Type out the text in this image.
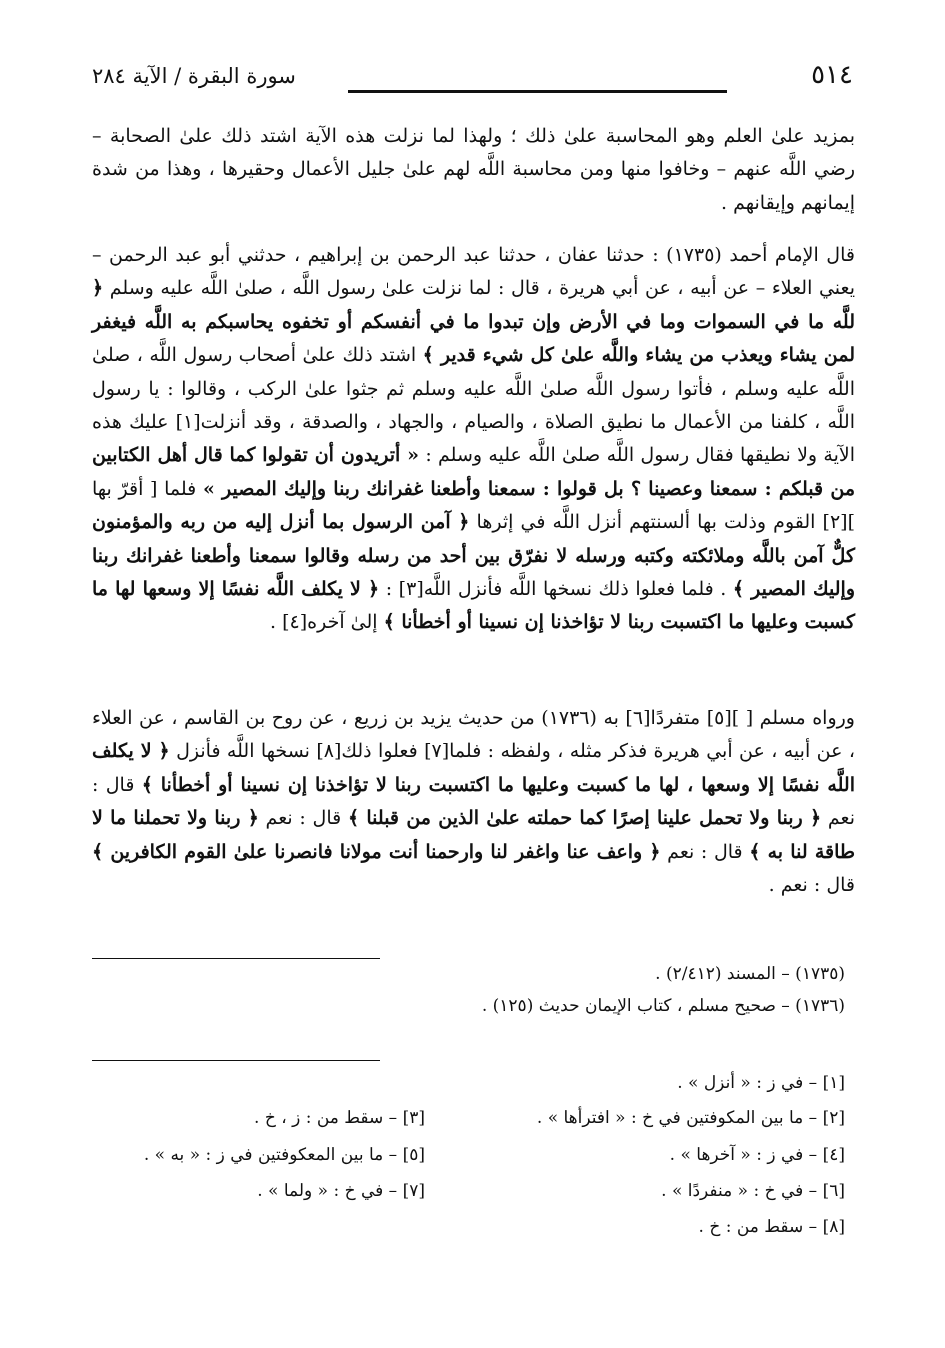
٥١٤
سورة البقرة / الآية ٢٨٤

بمزيد علىٰ العلم وهو المحاسبة علىٰ ذلك ؛ ولهذا لما نزلت هذه الآية اشتد ذلك علىٰ الصحابة – رضي اللَّه عنهم – وخافوا منها ومن محاسبة اللَّه لهم علىٰ جليل الأعمال وحقيرها ، وهذا من شدة إيمانهم وإيقانهم .

قال الإمام أحمد (١٧٣٥) : حدثنا عفان ، حدثنا عبد الرحمن بن إبراهيم ، حدثني أبو عبد الرحمن – يعني العلاء – عن أبيه ، عن أبي هريرة ، قال : لما نزلت علىٰ رسول اللَّه ، صلىٰ اللَّه عليه وسلم ﴿ للَّه ما في السموات وما في الأرض وإن تبدوا ما في أنفسكم أو تخفوه يحاسبكم به اللَّه فيغفر لمن يشاء ويعذب من يشاء واللَّه علىٰ كل شيء قدير ﴾ اشتد ذلك علىٰ أصحاب رسول اللَّه ، صلىٰ اللَّه عليه وسلم ، فأتوا رسول اللَّه صلىٰ اللَّه عليه وسلم ثم جثوا علىٰ الركب ، وقالوا : يا رسول اللَّه ، كلفنا من الأعمال ما نطيق الصلاة ، والصيام ، والجهاد ، والصدقة ، وقد أنزلت[١] عليك هذه الآية ولا نطيقها فقال رسول اللَّه صلىٰ اللَّه عليه وسلم : « أتريدون أن تقولوا كما قال أهل الكتابين من قبلكم : سمعنا وعصينا ؟ بل قولوا : سمعنا وأطعنا غفرانك ربنا وإليك المصير » فلما [ أقرّ بها ][٢] القوم وذلت بها ألسنتهم أنزل اللَّه في إثرها ﴿ آمن الرسول بما أنزل إليه من ربه والمؤمنون كلٌّ آمن باللَّه وملائكته وكتبه ورسله لا نفرّق بين أحد من رسله وقالوا سمعنا وأطعنا غفرانك ربنا وإليك المصير ﴾ . فلما فعلوا ذلك نسخها اللَّه فأنزل اللَّه[٣] : ﴿ لا يكلف اللَّه نفسًا إلا وسعها لها ما كسبت وعليها ما اكتسبت ربنا لا تؤاخذنا إن نسينا أو أخطأنا ﴾ إلىٰ آخره[٤] .

ورواه مسلم [ ][٥] متفردًا[٦] به (١٧٣٦) من حديث يزيد بن زريع ، عن روح بن القاسم ، عن العلاء ، عن أبيه ، عن أبي هريرة فذكر مثله ، ولفظه : فلما[٧] فعلوا ذلك[٨] نسخها اللَّه فأنزل ﴿ لا يكلف اللَّه نفسًا إلا وسعها ، لها ما كسبت وعليها ما اكتسبت ربنا لا تؤاخذنا إن نسينا أو أخطأنا ﴾ قال : نعم ﴿ ربنا ولا تحمل علينا إصرًا كما حملته علىٰ الذين من قبلنا ﴾ قال : نعم ﴿ ربنا ولا تحملنا ما لا طاقة لنا به ﴾ قال : نعم ﴿ واعف عنا واغفر لنا وارحمنا أنت مولانا فانصرنا علىٰ القوم الكافرين ﴾ قال : نعم .

(١٧٣٥) – المسند (٢/٤١٢) .
(١٧٣٦) – صحيح مسلم ، كتاب الإيمان حديث (١٢٥) .
[١] – في ز : « أنزل » .
[٢] – ما بين المكوفتين في خ : « افترأها » .
[٣] – سقط من : ز ، خ .
[٤] – في ز : « آخرها » .
[٥] – ما بين المعكوفتين في ز : « به » .
[٦] – في خ : « منفردًا » .
[٧] – في خ : « ولما » .
[٨] – سقط من : خ .
